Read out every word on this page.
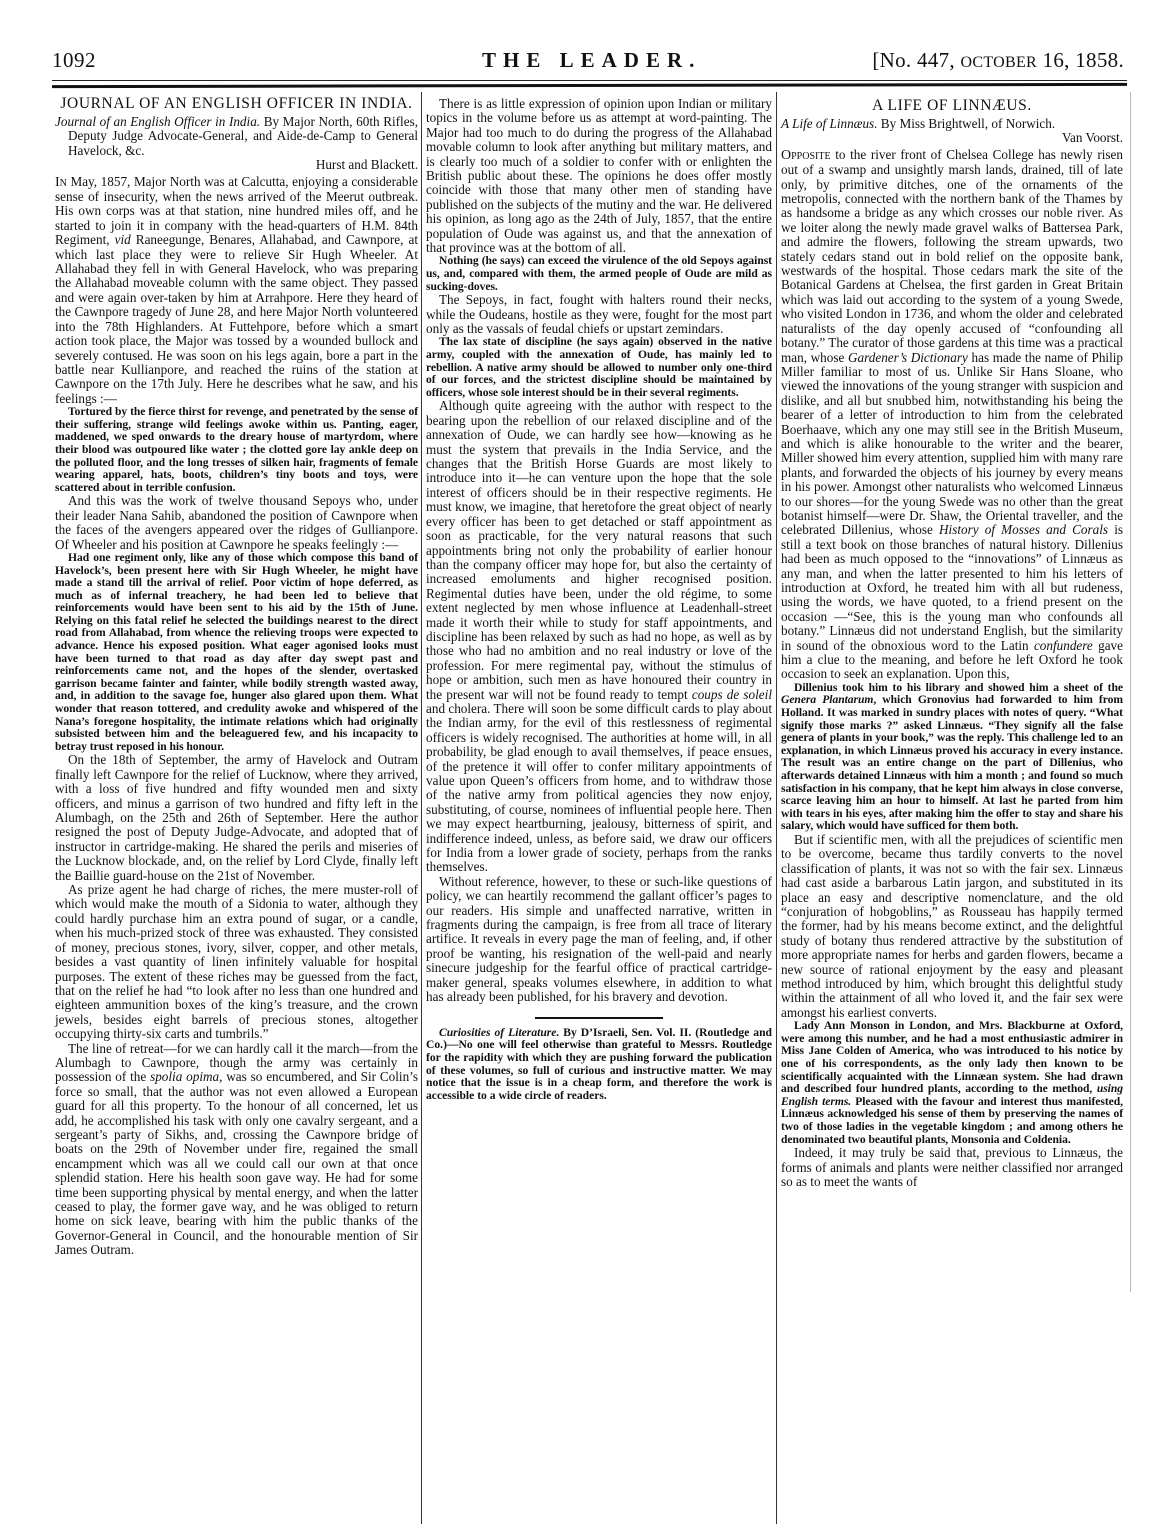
1092	THE LEADER.	[No. 447, OCTOBER 16, 1858.
JOURNAL OF AN ENGLISH OFFICER IN INDIA.

Journal of an English Officer in India. By Major North, 60th Rifles, Deputy Judge Advocate-General, and Aide-de-Camp to General Havelock, &c.

Hurst and Blackett.

In May, 1857, Major North was at Calcutta, enjoying a considerable sense of insecurity, when the news arrived of the Meerut outbreak. His own corps was at that station, nine hundred miles off, and he started to join it in company with the head-quarters of H.M. 84th Regiment, vid Raneegunge, Benares, Allahabad, and Cawnpore, at which last place they were to relieve Sir Hugh Wheeler. At Allahabad they fell in with General Havelock, who was preparing the Allahabad moveable column with the same object. They passed and were again over-taken by him at Arrahpore. Here they heard of the Cawnpore tragedy of June 28, and here Major North volunteered into the 78th Highlanders. At Futtehpore, before which a smart action took place, the Major was tossed by a wounded bullock and severely contused. He was soon on his legs again, bore a part in the battle near Kullianpore, and reached the ruins of the station at Cawnpore on the 17th July. Here he describes what he saw, and his feelings :—

Tortured by the fierce thirst for revenge, and penetrated by the sense of their suffering, strange wild feelings awoke within us. Panting, eager, maddened, we sped onwards to the dreary house of martyrdom, where their blood was outpoured like water ; the clotted gore lay ankle deep on the polluted floor, and the long tresses of silken hair, fragments of female wearing apparel, hats, boots, children’s tiny boots and toys, were scattered about in terrible confusion.

And this was the work of twelve thousand Sepoys who, under their leader Nana Sahib, abandoned the position of Cawnpore when the faces of the avengers appeared over the ridges of Gullianpore. Of Wheeler and his position at Cawnpore he speaks feelingly :—

Had one regiment only, like any of those which compose this band of Havelock’s, been present here with Sir Hugh Wheeler, he might have made a stand till the arrival of relief. Poor victim of hope deferred, as much as of infernal treachery, he had been led to believe that reinforcements would have been sent to his aid by the 15th of June. Relying on this fatal relief he selected the buildings nearest to the direct road from Allahabad, from whence the relieving troops were expected to advance. Hence his exposed position. What eager agonised looks must have been turned to that road as day after day swept past and reinforcements came not, and the hopes of the slender, overtasked garrison became fainter and fainter, while bodily strength wasted away, and, in addition to the savage foe, hunger also glared upon them. What wonder that reason tottered, and credulity awoke and whispered of the Nana’s foregone hospitality, the intimate relations which had originally subsisted between him and the beleaguered few, and his incapacity to betray trust reposed in his honour.

On the 18th of September, the army of Havelock and Outram finally left Cawnpore for the relief of Lucknow, where they arrived, with a loss of five hundred and fifty wounded men and sixty officers, and minus a garrison of two hundred and fifty left in the Alumbagh, on the 25th and 26th of September. Here the author resigned the post of Deputy Judge-Advocate, and adopted that of instructor in cartridge-making. He shared the perils and miseries of the Lucknow blockade, and, on the relief by Lord Clyde, finally left the Baillie guard-house on the 21st of November.

As prize agent he had charge of riches, the mere muster-roll of which would make the mouth of a Sidonia to water, although they could hardly purchase him an extra pound of sugar, or a candle, when his much-prized stock of three was exhausted. They consisted of money, precious stones, ivory, silver, copper, and other metals, besides a vast quantity of linen infinitely valuable for hospital purposes. The extent of these riches may be guessed from the fact, that on the relief he had “to look after no less than one hundred and eighteen ammunition boxes of the king’s treasure, and the crown jewels, besides eight barrels of precious stones, altogether occupying thirty-six carts and tumbrils.”

The line of retreat—for we can hardly call it the march—from the Alumbagh to Cawnpore, though the army was certainly in possession of the spolia opima, was so encumbered, and Sir Colin’s force so small, that the author was not even allowed a European guard for all this property. To the honour of all concerned, let us add, he accomplished his task with only one cavalry sergeant, and a sergeant’s party of Sikhs, and, crossing the Cawnpore bridge of boats on the 29th of November under fire, regained the small encampment which was all we could call our own at that once splendid station. Here his health soon gave way. He had for some time been supporting physical by mental energy, and when the latter ceased to play, the former gave way, and he was obliged to return home on sick leave, bearing with him the public thanks of the Governor-General in Council, and the honourable mention of Sir James Outram.

There is as little expression of opinion upon Indian or military topics in the volume before us as attempt at word-painting. The Major had too much to do during the progress of the Allahabad movable column to look after anything but military matters, and is clearly too much of a soldier to confer with or enlighten the British public about these. The opinions he does offer mostly coincide with those that many other men of standing have published on the subjects of the mutiny and the war. He delivered his opinion, as long ago as the 24th of July, 1857, that the entire population of Oude was against us, and that the annexation of that province was at the bottom of all.

Nothing (he says) can exceed the virulence of the old Sepoys against us, and, compared with them, the armed people of Oude are mild as sucking-doves.

The Sepoys, in fact, fought with halters round their necks, while the Oudeans, hostile as they were, fought for the most part only as the vassals of feudal chiefs or upstart zemindars.

The lax state of discipline (he says again) observed in the native army, coupled with the annexation of Oude, has mainly led to rebellion. A native army should be allowed to number only one-third of our forces, and the strictest discipline should be maintained by officers, whose sole interest should be in their several regiments.

Although quite agreeing with the author with respect to the bearing upon the rebellion of our relaxed discipline and of the annexation of Oude, we can hardly see how—knowing as he must the system that prevails in the India Service, and the changes that the British Horse Guards are most likely to introduce into it—he can venture upon the hope that the sole interest of officers should be in their respective regiments. He must know, we imagine, that heretofore the great object of nearly every officer has been to get detached or staff appointment as soon as practicable, for the very natural reasons that such appointments bring not only the probability of earlier honour than the company officer may hope for, but also the certainty of increased emoluments and higher recognised position. Regimental duties have been, under the old régime, to some extent neglected by men whose influence at Leadenhall-street made it worth their while to study for staff appointments, and discipline has been relaxed by such as had no hope, as well as by those who had no ambition and no real industry or love of the profession. For mere regimental pay, without the stimulus of hope or ambition, such men as have honoured their country in the present war will not be found ready to tempt coups de soleil and cholera. There will soon be some difficult cards to play about the Indian army, for the evil of this restlessness of regimental officers is widely recognised. The authorities at home will, in all probability, be glad enough to avail themselves, if peace ensues, of the pretence it will offer to confer military appointments of value upon Queen’s officers from home, and to withdraw those of the native army from political agencies they now enjoy, substituting, of course, nominees of influential people here. Then we may expect heartburning, jealousy, bitterness of spirit, and indifference indeed, unless, as before said, we draw our officers for India from a lower grade of society, perhaps from the ranks themselves.

Without reference, however, to these or such-like questions of policy, we can heartily recommend the gallant officer’s pages to our readers. His simple and unaffected narrative, written in fragments during the campaign, is free from all trace of literary artifice. It reveals in every page the man of feeling, and, if other proof be wanting, his resignation of the well-paid and nearly sinecure judgeship for the fearful office of practical cartridge-maker general, speaks volumes elsewhere, in addition to what has already been published, for his bravery and devotion.

Curiosities of Literature. By D’Israeli, Sen. Vol. II. (Routledge and Co.)—No one will feel otherwise than grateful to Messrs. Routledge for the rapidity with which they are pushing forward the publication of these volumes, so full of curious and instructive matter. We may notice that the issue is in a cheap form, and therefore the work is accessible to a wide circle of readers.

A LIFE OF LINNÆUS.

A Life of Linnæus. By Miss Brightwell, of Norwich.

Van Voorst.

Opposite to the river front of Chelsea College has newly risen out of a swamp and unsightly marsh lands, drained, till of late only, by primitive ditches, one of the ornaments of the metropolis, connected with the northern bank of the Thames by as handsome a bridge as any which crosses our noble river. As we loiter along the newly made gravel walks of Battersea Park, and admire the flowers, following the stream upwards, two stately cedars stand out in bold relief on the opposite bank, westwards of the hospital. Those cedars mark the site of the Botanical Gardens at Chelsea, the first garden in Great Britain which was laid out according to the system of a young Swede, who visited London in 1736, and whom the older and celebrated naturalists of the day openly accused of “confounding all botany.” The curator of those gardens at this time was a practical man, whose Gardener’s Dictionary has made the name of Philip Miller familiar to most of us. Unlike Sir Hans Sloane, who viewed the innovations of the young stranger with suspicion and dislike, and all but snubbed him, notwithstanding his being the bearer of a letter of introduction to him from the celebrated Boerhaave, which any one may still see in the British Museum, and which is alike honourable to the writer and the bearer, Miller showed him every attention, supplied him with many rare plants, and forwarded the objects of his journey by every means in his power. Amongst other naturalists who welcomed Linnæus to our shores—for the young Swede was no other than the great botanist himself—were Dr. Shaw, the Oriental traveller, and the celebrated Dillenius, whose History of Mosses and Corals is still a text book on those branches of natural history. Dillenius had been as much opposed to the “innovations” of Linnæus as any man, and when the latter presented to him his letters of introduction at Oxford, he treated him with all but rudeness, using the words, we have quoted, to a friend present on the occasion —“See, this is the young man who confounds all botany.” Linnæus did not understand English, but the similarity in sound of the obnoxious word to the Latin confundere gave him a clue to the meaning, and before he left Oxford he took occasion to seek an explanation. Upon this,

Dillenius took him to his library and showed him a sheet of the Genera Plantarum, which Gronovius had forwarded to him from Holland. It was marked in sundry places with notes of query. “What signify those marks ?” asked Linnæus. “They signify all the false genera of plants in your book,” was the reply. This challenge led to an explanation, in which Linnæus proved his accuracy in every instance. The result was an entire change on the part of Dillenius, who afterwards detained Linnæus with him a month ; and found so much satisfaction in his company, that he kept him always in close converse, scarce leaving him an hour to himself. At last he parted from him with tears in his eyes, after making him the offer to stay and share his salary, which would have sufficed for them both.

But if scientific men, with all the prejudices of scientific men to be overcome, became thus tardily converts to the novel classification of plants, it was not so with the fair sex. Linnæus had cast aside a barbarous Latin jargon, and substituted in its place an easy and descriptive nomenclature, and the old “conjuration of hobgoblins,” as Rousseau has happily termed the former, had by his means become extinct, and the delightful study of botany thus rendered attractive by the substitution of more appropriate names for herbs and garden flowers, became a new source of rational enjoyment by the easy and pleasant method introduced by him, which brought this delightful study within the attainment of all who loved it, and the fair sex were amongst his earliest converts.

Lady Ann Monson in London, and Mrs. Blackburne at Oxford, were among this number, and he had a most enthusiastic admirer in Miss Jane Colden of America, who was introduced to his notice by one of his correspondents, as the only lady then known to be scientifically acquainted with the Linnæan system. She had drawn and described four hundred plants, according to the method, using English terms. Pleased with the favour and interest thus manifested, Linnæus acknowledged his sense of them by preserving the names of two of those ladies in the vegetable kingdom ; and among others he denominated two beautiful plants, Monsonia and Coldenia.

Indeed, it may truly be said that, previous to Linnæus, the forms of animals and plants were neither classified nor arranged so as to meet the wants of
